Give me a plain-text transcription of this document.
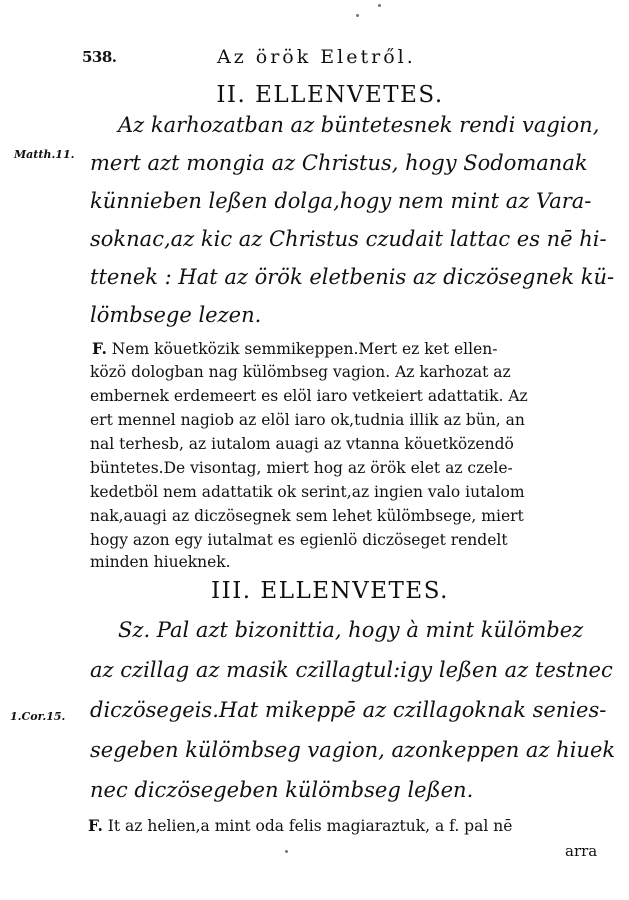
538.	Az örök Eletről.
II. ELLENVETES.
Matth.11.
Az karhozatban az büntetesnek rendi vagion,
mert azt mongia az Christus, hogy Sodomanak
künnieben leßen dolga,hogy nem mint az Vara-
soknac,az kic az Christus czudait lattac es nē hi-
ttenek : Hat az örök eletbenis az diczösegnek kü-
lömbsege lezen.
F. Nem köuetközik semmikeppen.Mert ez ket ellen-
közö dologban nag külömbseg vagion. Az karhozat az
embernek erdemeert es elöl iaro vetkeiert adattatik. Az
ert mennel nagiob az elöl iaro ok,tudnia illik az bün, an
nal terhesb, az iutalom auagi az vtanna köuetközendö
büntetes.De visontag, miert hog az örök elet az czele-
kedetböl nem adattatik ok serint,az ingien valo iutalom
nak,auagi az diczösegnek sem lehet külömbsege, miert
hogy azon egy iutalmat es egienlö diczöseget rendelt
minden hiueknek.
III. ELLENVETES.
1.Cor.15.
Sz. Pal azt bizonittia, hogy à mint külömbez
az czillag az masik czillagtul:igy leßen az testnec
diczösegeis.Hat mikeppē az czillagoknak senies-
segeben külömbseg vagion, azonkeppen az hiuek
nec diczösegeben külömbseg leßen.
F. It az helien,a mint oda felis magiaraztuk, a f. pal nē
arra
